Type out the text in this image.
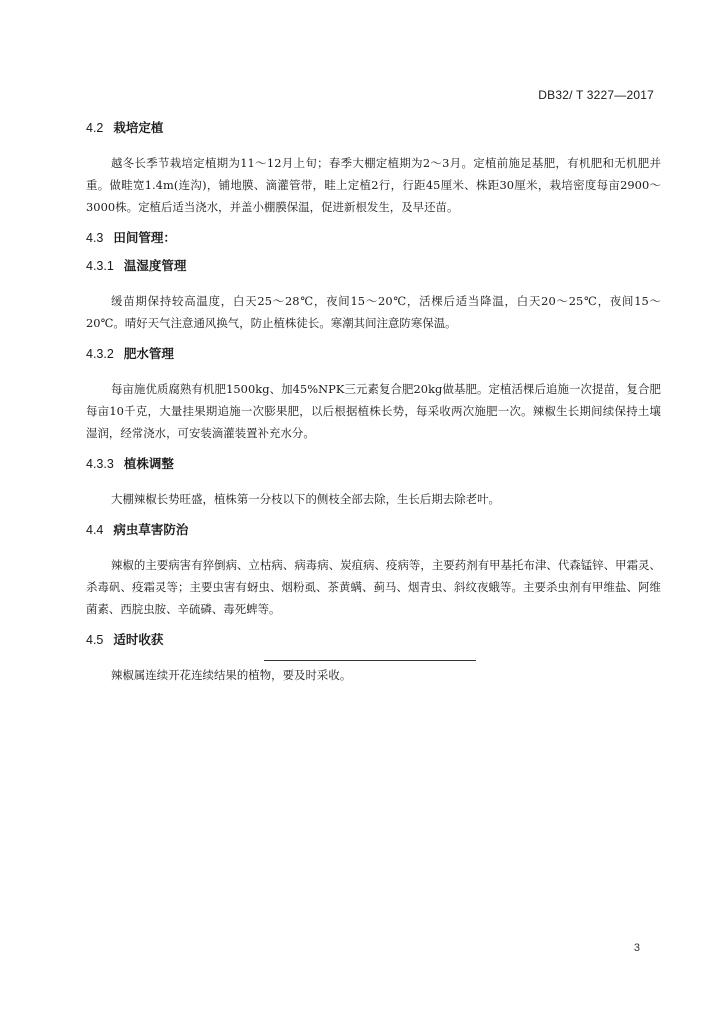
DB32/ T 3227—2017
4.2 栽培定植

越冬长季节栽培定植期为11～12月上旬；春季大棚定植期为2～3月。定植前施足基肥，有机肥和无机肥并重。做畦宽1.4m(连沟)，铺地膜、滴灌管带，畦上定植2行，行距45厘米、株距30厘米，栽培密度每亩2900～3000株。定植后适当浇水，并盖小棚膜保温，促进新根发生，及早还苗。

4.3 田间管理：
4.3.1 温湿度管理

缓苗期保持较高温度，白天25～28℃，夜间15～20℃，活棵后适当降温，白天20～25℃，夜间15～20℃。晴好天气注意通风换气，防止植株徒长。寒潮其间注意防寒保温。

4.3.2 肥水管理

每亩施优质腐熟有机肥1500kg、加45%NPK三元素复合肥20kg做基肥。定植活棵后追施一次提苗，复合肥每亩10千克，大量挂果期追施一次膨果肥，以后根据植株长势，每采收两次施肥一次。辣椒生长期间续保持土壤湿润，经常浇水，可安装滴灌装置补充水分。

4.3.3 植株调整

大棚辣椒长势旺盛，植株第一分枝以下的侧枝全部去除，生长后期去除老叶。

4.4 病虫草害防治

辣椒的主要病害有猝倒病、立枯病、病毒病、炭疽病、疫病等，主要药剂有甲基托布津、代森锰锌、甲霜灵、杀毒矾、疫霜灵等；主要虫害有蚜虫、烟粉虱、茶黄螨、蓟马、烟青虫、斜纹夜蛾等。主要杀虫剂有甲维盐、阿维菌素、西脘虫胺、辛硫磷、毒死蜱等。

4.5 适时收获

辣椒属连续开花连续结果的植物，要及时采收。

3
